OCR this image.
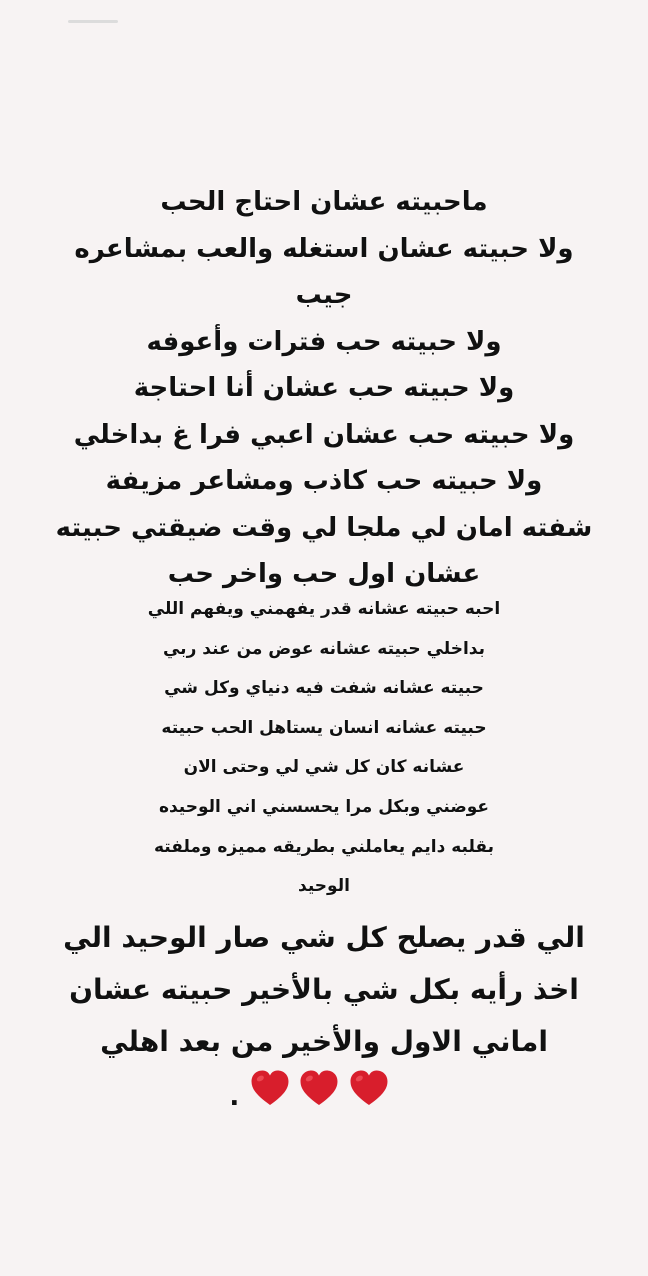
ماحبيته عشان احتاج الحب
ولا حبيته عشان استغله والعب بمشاعره
جيب
ولا حبيته حب فترات وأعوفه
ولا حبيته حب عشان أنا احتاجة
ولا حبيته حب عشان اعبي فرا غ بداخلي
ولا حبيته حب كاذب ومشاعر مزيفة
شفته امان لي ملجا لي وقت ضيقتي حبيته
عشان اول حب واخر حب
احبه حبيته عشانه قدر يفهمني ويفهم اللي
بداخلي حبيته عشانه عوض من عند ربي
حبيته عشانه شفت فيه دنياي وكل شي
حبيته عشانه انسان يستاهل الحب حبيته
عشانه كان كل شي لي وحتى الان
عوضني وبكل مرا يحسسني اني الوحيده
بقلبه دايم يعاملني بطريقه مميزه وملفته
الوحيد
الي قدر يصلح كل شي صار الوحيد الي
اخذ رأيه بكل شي بالأخير حبيته عشان
اماني الاول والأخير من بعد اهلي
.
